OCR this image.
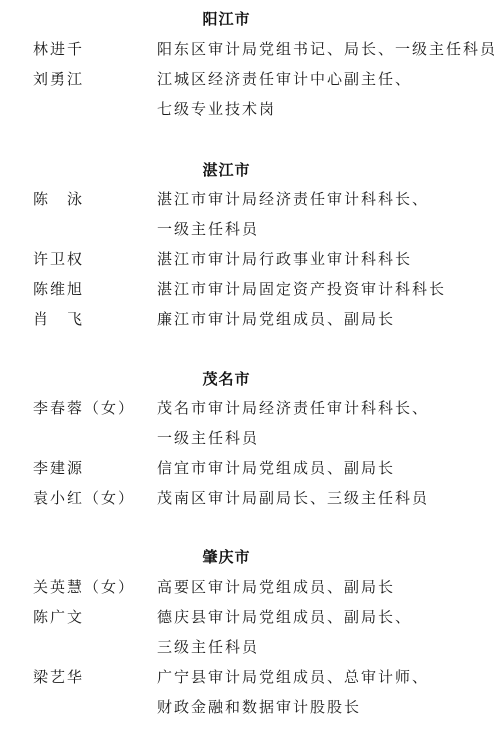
阳江市
林进千	阳东区审计局党组书记、局长、一级主任科员
刘勇江	江城区经济责任审计中心副主任、
七级专业技术岗
湛江市
陈　泳	湛江市审计局经济责任审计科科长、
一级主任科员
许卫权	湛江市审计局行政事业审计科科长
陈维旭	湛江市审计局固定资产投资审计科科长
肖　飞	廉江市审计局党组成员、副局长
茂名市
李春蓉（女） 茂名市审计局经济责任审计科科长、
一级主任科员
李建源	信宜市审计局党组成员、副局长
袁小红（女） 茂南区审计局副局长、三级主任科员
肇庆市
关英慧（女） 高要区审计局党组成员、副局长
陈广文	德庆县审计局党组成员、副局长、
三级主任科员
梁艺华	广宁县审计局党组成员、总审计师、
财政金融和数据审计股股长
